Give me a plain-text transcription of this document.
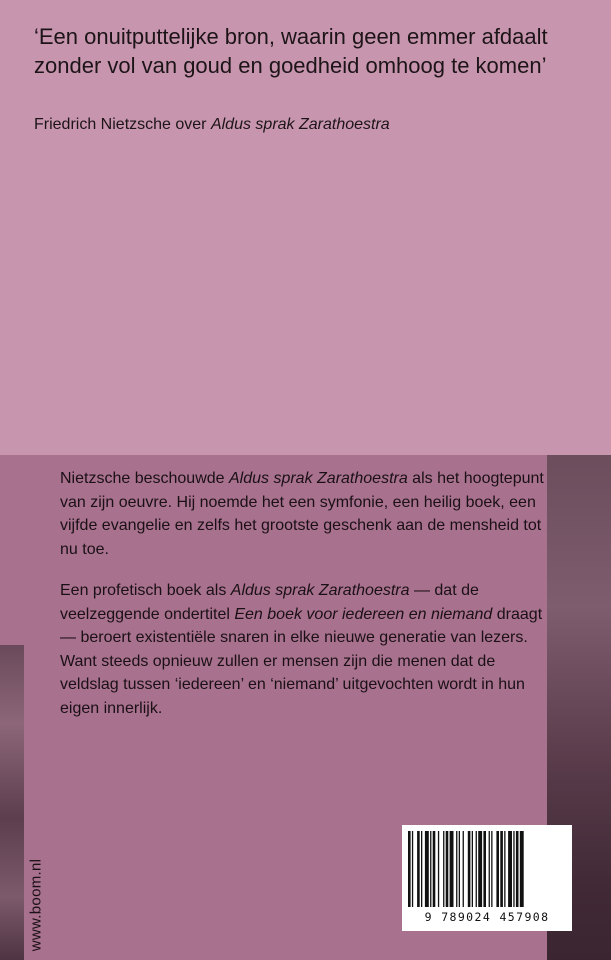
‘Een onuitputtelijke bron, waarin geen emmer afdaalt zonder vol van goud en goedheid omhoog te komen’

Friedrich Nietzsche over Aldus sprak Zarathoestra

Nietzsche beschouwde Aldus sprak Zarathoestra als het hoogtepunt van zijn oeuvre. Hij noemde het een symfonie, een heilig boek, een vijfde evangelie en zelfs het grootste geschenk aan de mensheid tot nu toe.

Een profetisch boek als Aldus sprak Zarathoestra — dat de veelzeggende ondertitel Een boek voor iedereen en niemand draagt — beroert existentiële snaren in elke nieuwe generatie van lezers. Want steeds opnieuw zullen er mensen zijn die menen dat de veldslag tussen ‘iedereen’ en ‘niemand’ uitgevochten wordt in hun eigen innerlijk.

www.boom.nl	9 789024 457908
